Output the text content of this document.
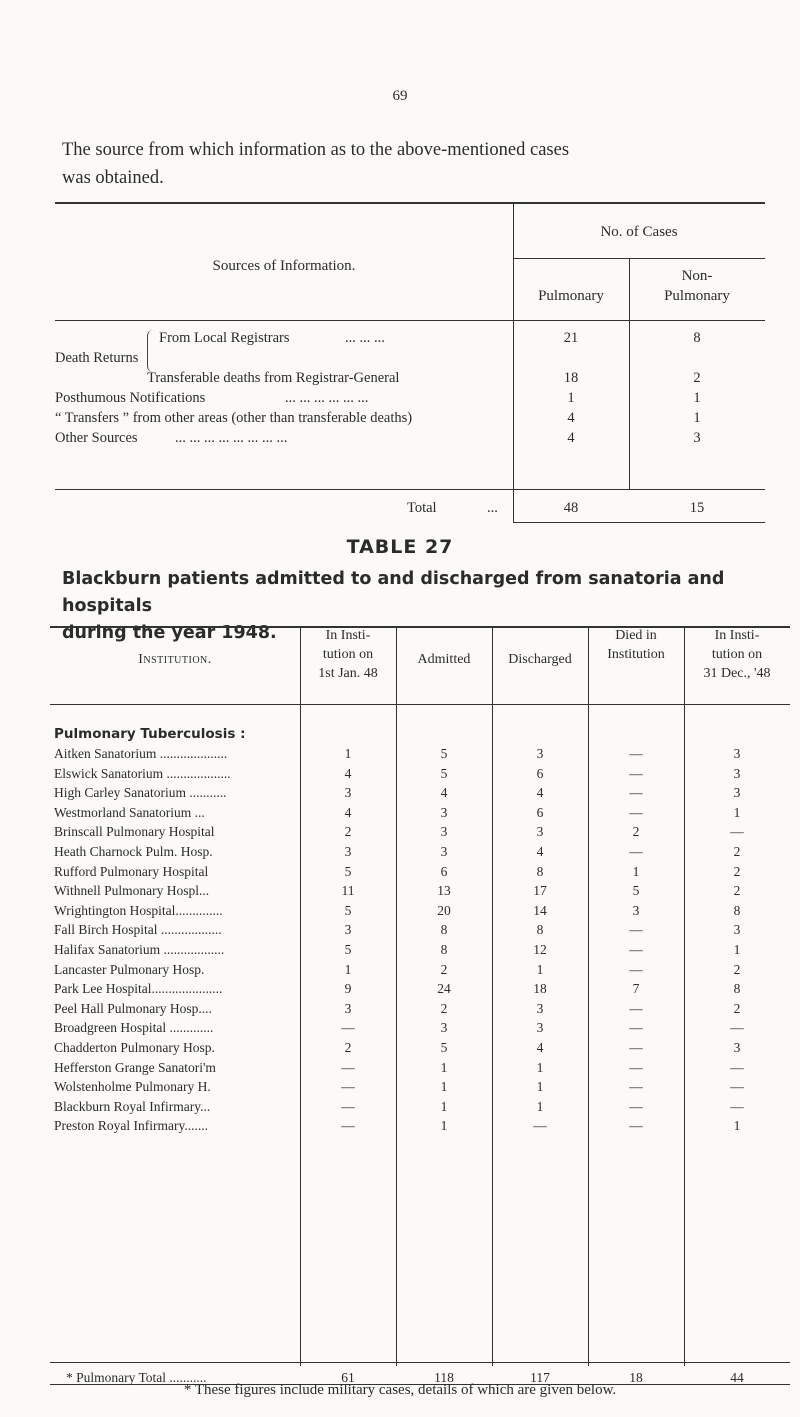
69
The source from which information as to the above-mentioned cases
was obtained.
Sources of Information.
No. of Cases
Pulmonary
Non-
Pulmonary
Death Returns
From Local Registrars	... ... ...	21	8
Transferable deaths from Registrar-General	18	2
Posthumous Notifications	... ... ... ... ... ...	1	1
“ Transfers ” from other areas (other than transferable deaths)	4	1
Other Sources	... ... ... ... ... ... ... ...	4	3
Total	...	48	15
TABLE 27
Blackburn patients admitted to and discharged from sanatoria and hospitals
during the year 1948.
Institution.
In Insti-
tution on
1st Jan. 48
Admitted	Discharged
Died in
Institution
In Insti-
tution on
31 Dec., '48
Pulmonary Tuberculosis :
Aitken Sanatorium ....................	1	5	3	—	3
Elswick Sanatorium ...................	4	5	6	—	3
High Carley Sanatorium ...........	3	4	4	—	3
Westmorland Sanatorium ...	4	3	6	—	1
Brinscall Pulmonary Hospital	2	3	3	2	—
Heath Charnock Pulm. Hosp.	3	3	4	—	2
Rufford Pulmonary Hospital	5	6	8	1	2
Withnell Pulmonary Hospl...	11	13	17	5	2
Wrightington Hospital..............	5	20	14	3	8
Fall Birch Hospital ..................	3	8	8	—	3
Halifax Sanatorium ..................	5	8	12	—	1
Lancaster Pulmonary Hosp.	1	2	1	—	2
Park Lee Hospital.....................	9	24	18	7	8
Peel Hall Pulmonary Hosp....	3	2	3	—	2
Broadgreen Hospital .............	—	3	3	—	—
Chadderton Pulmonary Hosp.	2	5	4	—	3
Hefferston Grange Sanatori'm	—	1	1	—	—
Wolstenholme Pulmonary H.	—	1	1	—	—
Blackburn Royal Infirmary...	—	1	1	—	—
Preston Royal Infirmary.......	—	1	—	—	1
* Pulmonary Total ...........	61	118	117	18	44
* These figures include military cases, details of which are given below.
